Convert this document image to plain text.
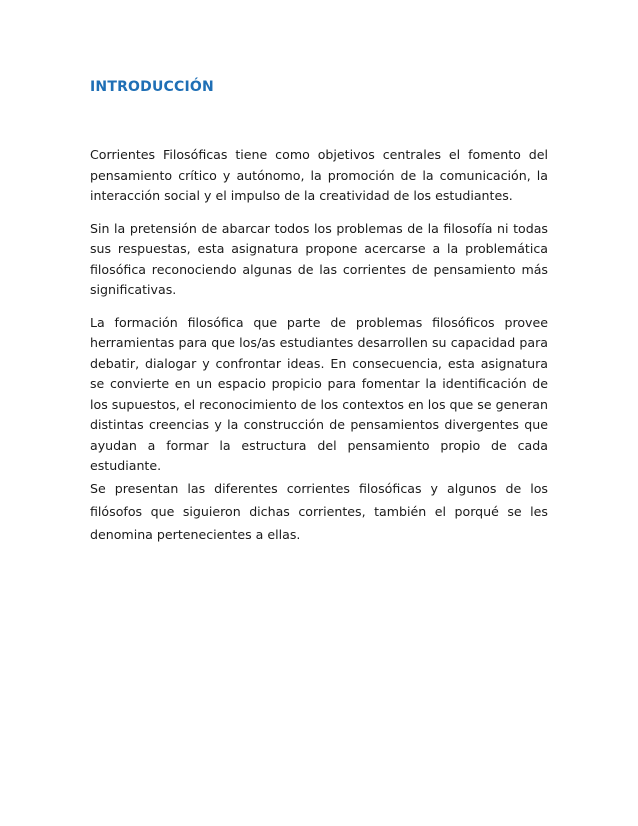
INTRODUCCIÓN

Corrientes Filosóficas tiene como objetivos centrales el fomento del pensamiento crítico y autónomo, la promoción de la comunicación, la interacción social y el impulso de la creatividad de los estudiantes.

Sin la pretensión de abarcar todos los problemas de la filosofía ni todas sus respuestas, esta asignatura propone acercarse a la problemática filosófica reconociendo algunas de las corrientes de pensamiento más significativas.

La formación filosófica que parte de problemas filosóficos provee herramientas para que los/as estudiantes desarrollen su capacidad para debatir, dialogar y confrontar ideas. En consecuencia, esta asignatura se convierte en un espacio propicio para fomentar la identificación de los supuestos, el reconocimiento de los contextos en los que se generan distintas creencias y la construcción de pensamientos divergentes que ayudan a formar la estructura del pensamiento propio de cada estudiante.

Se presentan las diferentes corrientes filosóficas y algunos de los filósofos que siguieron dichas corrientes, también el porqué se les denomina pertenecientes a ellas.
